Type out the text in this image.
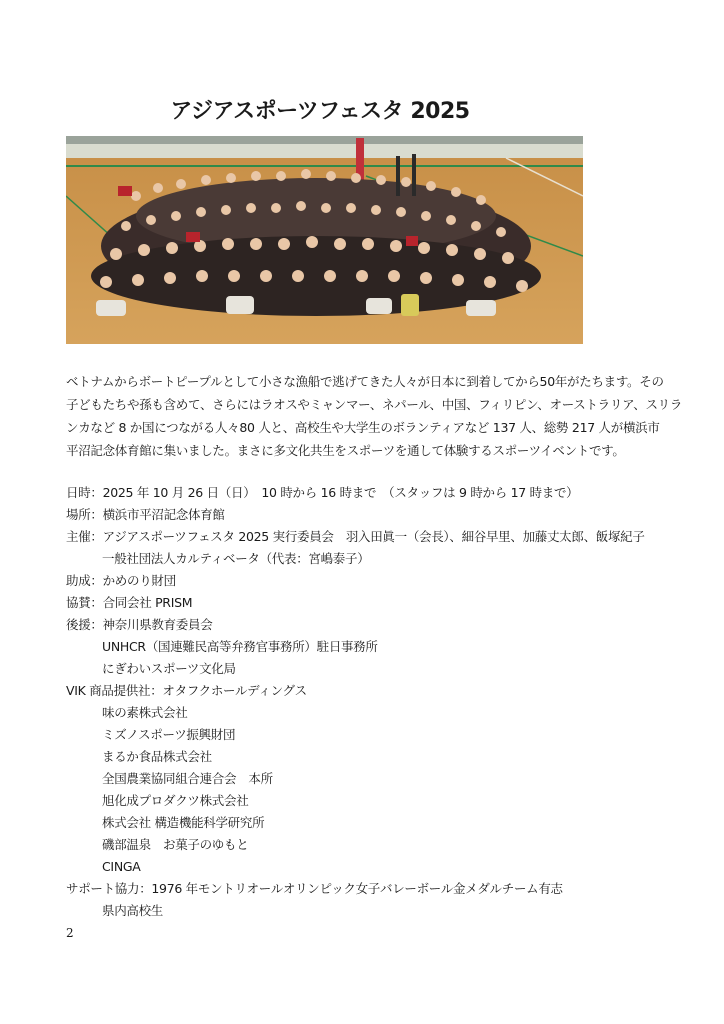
アジアスポーツフェスタ 2025
ベトナムからボートピープルとして小さな漁船で逃げてきた人々が日本に到着してから50年がたちます。その
子どもたちや孫も含めて、さらにはラオスやミャンマー、ネパール、中国、フィリピン、オーストラリア、スリラ
ンカなど 8 か国につながる人々80 人と、高校生や大学生のボランティアなど 137 人、総勢 217 人が横浜市
平沼記念体育館に集いました。まさに多文化共生をスポーツを通して体験するスポーツイベントです。
日時：2025 年 10 月 26 日（日）　10 時から 16 時まで　（スタッフは 9 時から 17 時まで）
場所：横浜市平沼記念体育館
主催：アジアスポーツフェスタ 2025 実行委員会　羽入田眞一（会長）、細谷早里、加藤丈太郎、飯塚紀子
一般社団法人カルティベータ（代表：宮嶋泰子）
助成：かめのり財団
協賛：合同会社 PRISM
後援：神奈川県教育委員会
UNHCR（国連難民高等弁務官事務所）駐日事務所
にぎわいスポーツ文化局
VIK 商品提供社：オタフクホールディングス
味の素株式会社
ミズノスポーツ振興財団
まるか食品株式会社
全国農業協同組合連合会　本所
旭化成プロダクツ株式会社
株式会社 構造機能科学研究所
磯部温泉　お菓子のゆもと
CINGA
サポート協力：1976 年モントリオールオリンピック女子バレーボール金メダルチーム有志
県内高校生
2
